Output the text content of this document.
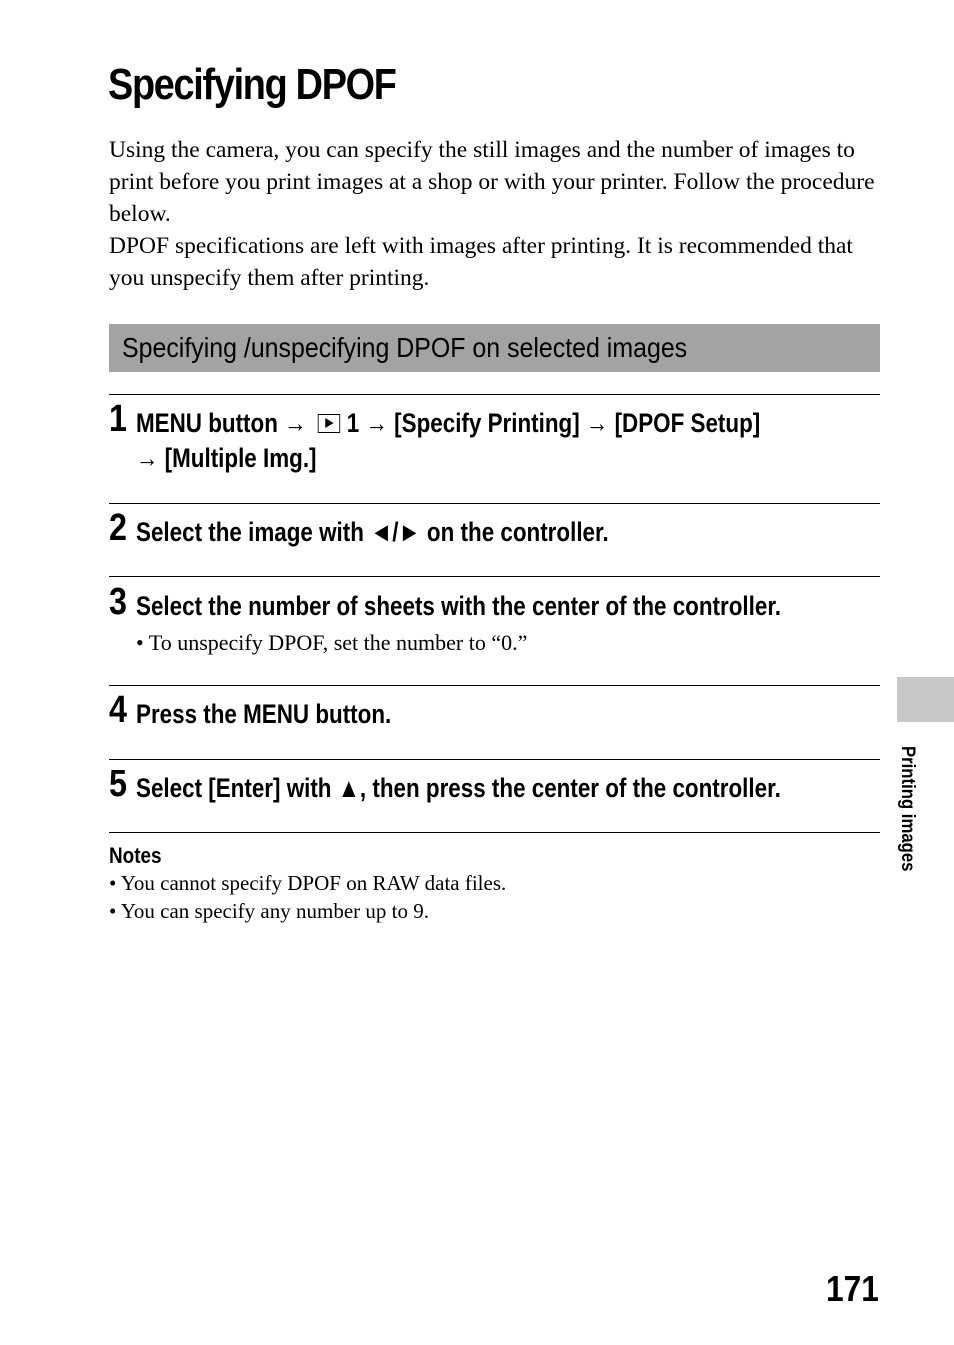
Specifying DPOF

Using the camera, you can specify the still images and the number of images to print before you print images at a shop or with your printer. Follow the procedure below.

DPOF specifications are left with images after printing. It is recommended that you unspecify them after printing.

Specifying /unspecifying DPOF on selected images
1 MENU button → 1 → [Specify Printing] → [DPOF Setup]
→ [Multiple Img.]
2 Select the image with ◄/► on the controller.
3 Select the number of sheets with the center of the controller.
• To unspecify DPOF, set the number to “0.”
4 Press the MENU button.
5 Select [Enter] with ▲, then press the center of the controller.
Notes
• You cannot specify DPOF on RAW data files.
• You can specify any number up to 9.
Printing images
171
